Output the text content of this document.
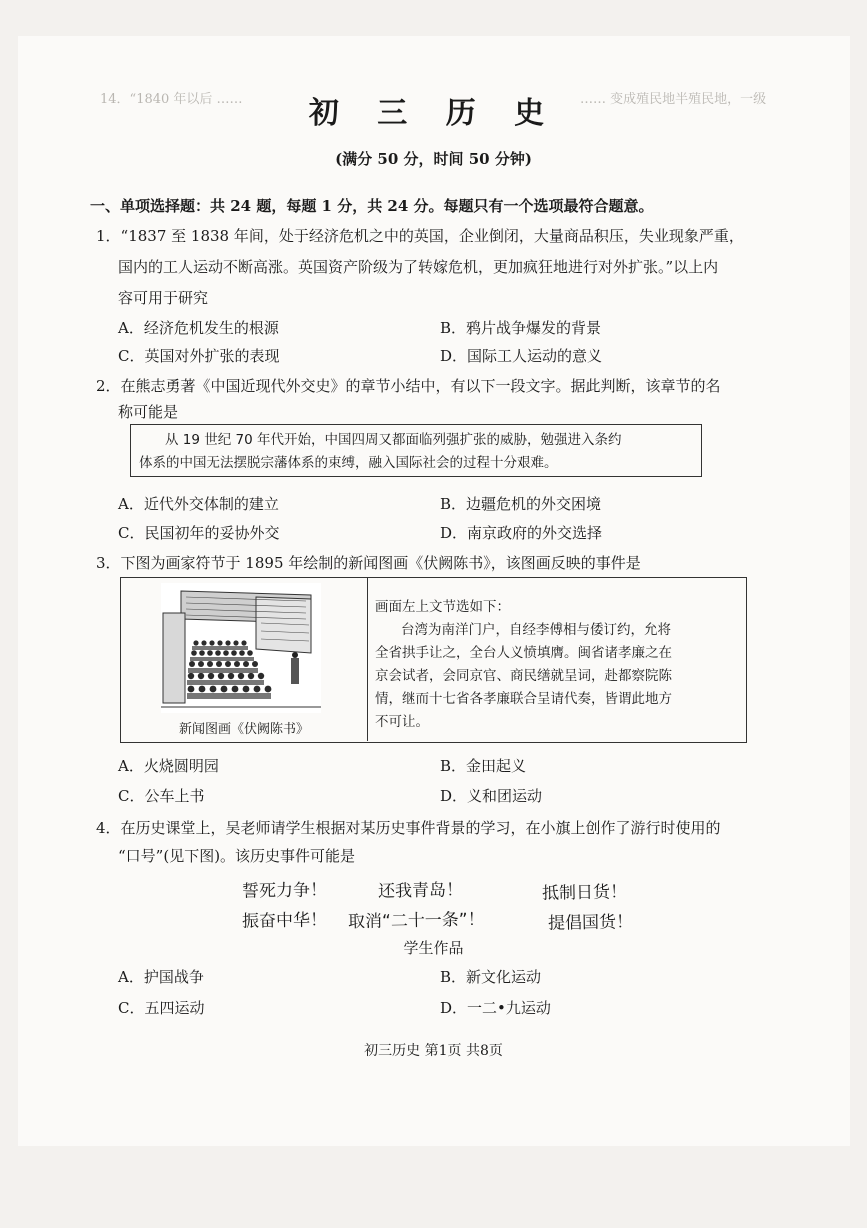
14．“1840 年以后 ……	…… 变成殖民地半殖民地，一级
初 三 历 史
(满分 50 分，时间 50 分钟)
一、单项选择题：共 24 题，每题 1 分，共 24 分。每题只有一个选项最符合题意。
1．“1837 至 1838 年间，处于经济危机之中的英国，企业倒闭，大量商品积压，失业现象严重，
国内的工人运动不断高涨。英国资产阶级为了转嫁危机，更加疯狂地进行对外扩张。”以上内
容可用于研究
A．经济危机发生的根源	B．鸦片战争爆发的背景
C．英国对外扩张的表现	D．国际工人运动的意义
2．在熊志勇著《中国近现代外交史》的章节小结中，有以下一段文字。据此判断，该章节的名
称可能是
从 19 世纪 70 年代开始，中国四周又都面临列强扩张的威胁，勉强进入条约
体系的中国无法摆脱宗藩体系的束缚，融入国际社会的过程十分艰难。
A．近代外交体制的建立	B．边疆危机的外交困境
C．民国初年的妥协外交	D．南京政府的外交选择
3．下图为画家符节于 1895 年绘制的新闻图画《伏阙陈书》，该图画反映的事件是
新闻图画《伏阙陈书》
画面左上文节选如下：
台湾为南洋门户，自经李傅相与倭订约，允将
全省拱手让之，全台人义愤填膺。闽省诸孝廉之在
京会试者，会同京官、商民缮就呈词，赴都察院陈
情，继而十七省各孝廉联合呈请代奏，皆谓此地方
不可让。
A．火烧圆明园	B．金田起义
C．公车上书	D．义和团运动
4．在历史课堂上，吴老师请学生根据对某历史事件背景的学习，在小旗上创作了游行时使用的
“口号”(见下图)。该历史事件可能是
誓死力争！	还我青岛！	抵制日货！
振奋中华！ 取消“二十一条”！	提倡国货！
学生作品
A．护国战争	B．新文化运动
C．五四运动	D．一二•九运动
初三历史 第1页 共8页
